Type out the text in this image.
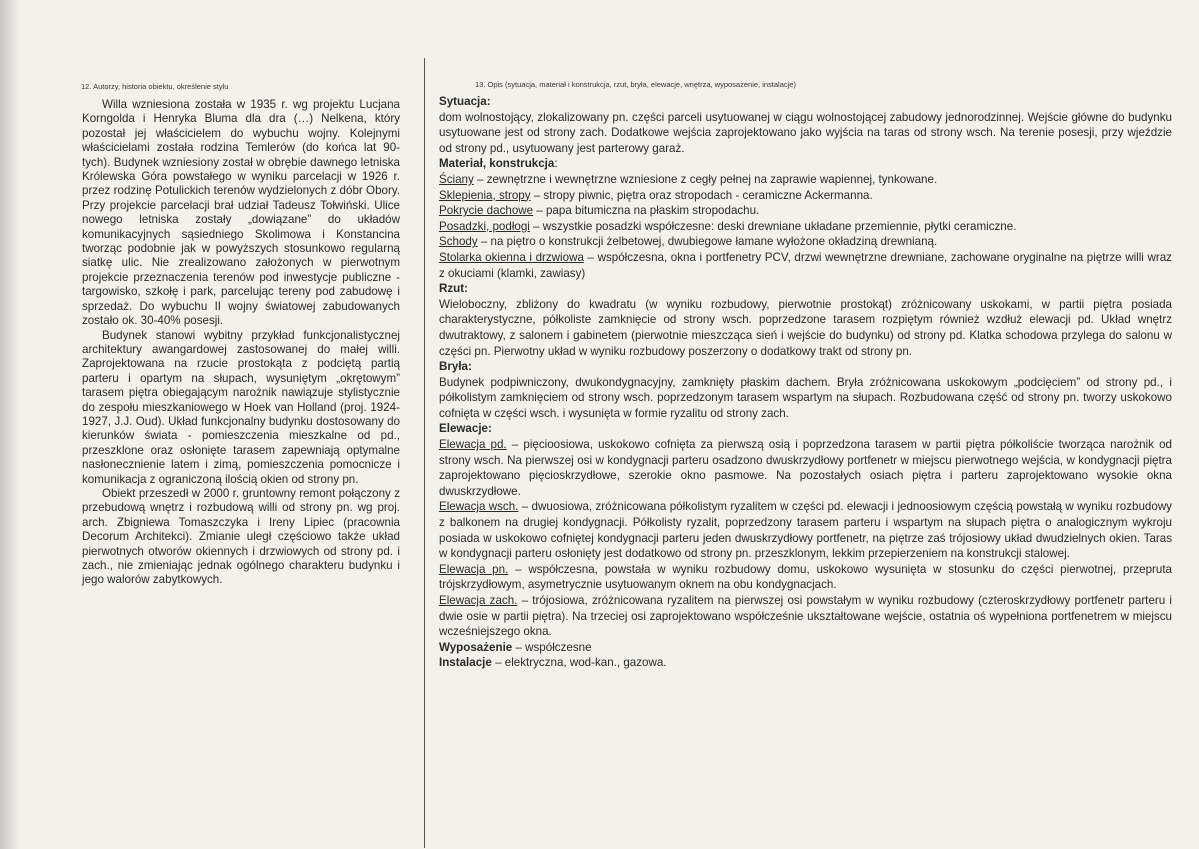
12. Autorzy, historia obiektu, określenie stylu

Willa wzniesiona została w 1935 r. wg projektu Lucjana Korngolda i Henryka Bluma dla dra (…) Nelkena, który pozostał jej właścicielem do wybuchu wojny. Kolejnymi właścicielami została rodzina Temlerów (do końca lat 90-tych). Budynek wzniesiony został w obrębie dawnego letniska Królewska Góra powstałego w wyniku parcelacji w 1926 r. przez rodzinę Potulickich terenów wydzielonych z dóbr Obory. Przy projekcie parcelacji brał udział Tadeusz Tołwiński. Ulice nowego letniska zostały „dowiązane” do układów komunikacyjnych sąsiedniego Skolimowa i Konstancina tworząc podobnie jak w powyższych stosunkowo regularną siatkę ulic. Nie zrealizowano założonych w pierwotnym projekcie przeznaczenia terenów pod inwestycje publiczne - targowisko, szkołę i park, parcelując tereny pod zabudowę i sprzedaż. Do wybuchu II wojny światowej zabudowanych zostało ok. 30-40% posesji.

Budynek stanowi wybitny przykład funkcjonalistycznej architektury awangardowej zastosowanej do małej willi. Zaprojektowana na rzucie prostokąta z podciętą partią parteru i opartym na słupach, wysuniętym „okrętowym” tarasem piętra obiegającym narożnik nawiązuje stylistycznie do zespołu mieszkaniowego w Hoek van Holland (proj. 1924-1927, J.J. Oud). Układ funkcjonalny budynku dostosowany do kierunków świata - pomieszczenia mieszkalne od pd., przeszklone oraz osłonięte tarasem zapewniają optymalne nasłonecznienie latem i zimą, pomieszczenia pomocnicze i komunikacja z ograniczoną ilością okien od strony pn.

Obiekt przeszedł w 2000 r. gruntowny remont połączony z przebudową wnętrz i rozbudową willi od strony pn. wg proj. arch. Zbigniewa Tomaszczyka i Ireny Lipiec (pracownia Decorum Architekci). Zmianie uległ częściowo także układ pierwotnych otworów okiennych i drzwiowych od strony pd. i zach., nie zmieniając jednak ogólnego charakteru budynku i jego walorów zabytkowych.

13. Opis (sytuacja, materiał i konstrukcja, rzut, bryła, elewacje, wnętrza, wyposażenie, instalacje)

Sytuacja:

dom wolnostojący, zlokalizowany pn. części parceli usytuowanej w ciągu wolnostojącej zabudowy jednorodzinnej. Wejście główne do budynku usytuowane jest od strony zach. Dodatkowe wejścia zaprojektowano jako wyjścia na taras od strony wsch. Na terenie posesji, przy wjeździe od strony pd., usytuowany jest parterowy garaż.

Materiał, konstrukcja:

Ściany – zewnętrzne i wewnętrzne wzniesione z cegły pełnej na zaprawie wapiennej, tynkowane.

Sklepienia, stropy – stropy piwnic, piętra oraz stropodach - ceramiczne Ackermanna.

Pokrycie dachowe – papa bitumiczna na płaskim stropodachu.

Posadzki, podłogi – wszystkie posadzki współczesne: deski drewniane układane przemiennie, płytki ceramiczne.

Schody – na piętro o konstrukcji żelbetowej, dwubiegowe łamane wyłożone okładziną drewnianą.

Stolarka okienna i drzwiowa – współczesna, okna i portfenetry PCV, drzwi wewnętrzne drewniane, zachowane oryginalne na piętrze willi wraz z okuciami (klamki, zawiasy)

Rzut:

Wieloboczny, zbliżony do kwadratu (w wyniku rozbudowy, pierwotnie prostokąt) zróżnicowany uskokami, w partii piętra posiada charakterystyczne, półkoliste zamknięcie od strony wsch. poprzedzone tarasem rozpiętym również wzdłuż elewacji pd. Układ wnętrz dwutraktowy, z salonem i gabinetem (pierwotnie mieszcząca sień i wejście do budynku) od strony pd. Klatka schodowa przylega do salonu w części pn. Pierwotny układ w wyniku rozbudowy poszerzony o dodatkowy trakt od strony pn.

Bryła:

Budynek podpiwniczony, dwukondygnacyjny, zamknięty płaskim dachem. Bryła zróżnicowana uskokowym „podcięciem” od strony pd., i półkolistym zamknięciem od strony wsch. poprzedzonym tarasem wspartym na słupach. Rozbudowana część od strony pn. tworzy uskokowo cofnięta w części wsch. i wysunięta w formie ryzalitu od strony zach.

Elewacje:

Elewacja pd. – pięcioosiowa, uskokowo cofnięta za pierwszą osią i poprzedzona tarasem w partii piętra półkoliście tworząca narożnik od strony wsch. Na pierwszej osi w kondygnacji parteru osadzono dwuskrzydłowy portfenetr w miejscu pierwotnego wejścia, w kondygnacji piętra zaprojektowano pięcioskrzydłowe, szerokie okno pasmowe. Na pozostałych osiach piętra i parteru zaprojektowano wysokie okna dwuskrzydłowe.

Elewacja wsch. – dwuosiowa, zróżnicowana półkolistym ryzalitem w części pd. elewacji i jednoosiowym częścią powstałą w wyniku rozbudowy z balkonem na drugiej kondygnacji. Półkolisty ryzalit, poprzedzony tarasem parteru i wspartym na słupach piętra o analogicznym wykroju posiada w uskokowo cofniętej kondygnacji parteru jeden dwuskrzydłowy portfenetr, na piętrze zaś trójosiowy układ dwudzielnych okien. Taras w kondygnacji parteru osłonięty jest dodatkowo od strony pn. przeszklonym, lekkim przepierzeniem na konstrukcji stalowej.

Elewacja pn. – współczesna, powstała w wyniku rozbudowy domu, uskokowo wysunięta w stosunku do części pierwotnej, przepruta trójskrzydłowym, asymetrycznie usytuowanym oknem na obu kondygnacjach.

Elewacja zach. – trójosiowa, zróżnicowana ryzalitem na pierwszej osi powstałym w wyniku rozbudowy (czteroskrzydłowy portfenetr parteru i dwie osie w partii piętra). Na trzeciej osi zaprojektowano współcześnie ukształtowane wejście, ostatnia oś wypełniona portfenetrem w miejscu wcześniejszego okna.

Wyposażenie – współczesne

Instalacje – elektryczna, wod-kan., gazowa.
